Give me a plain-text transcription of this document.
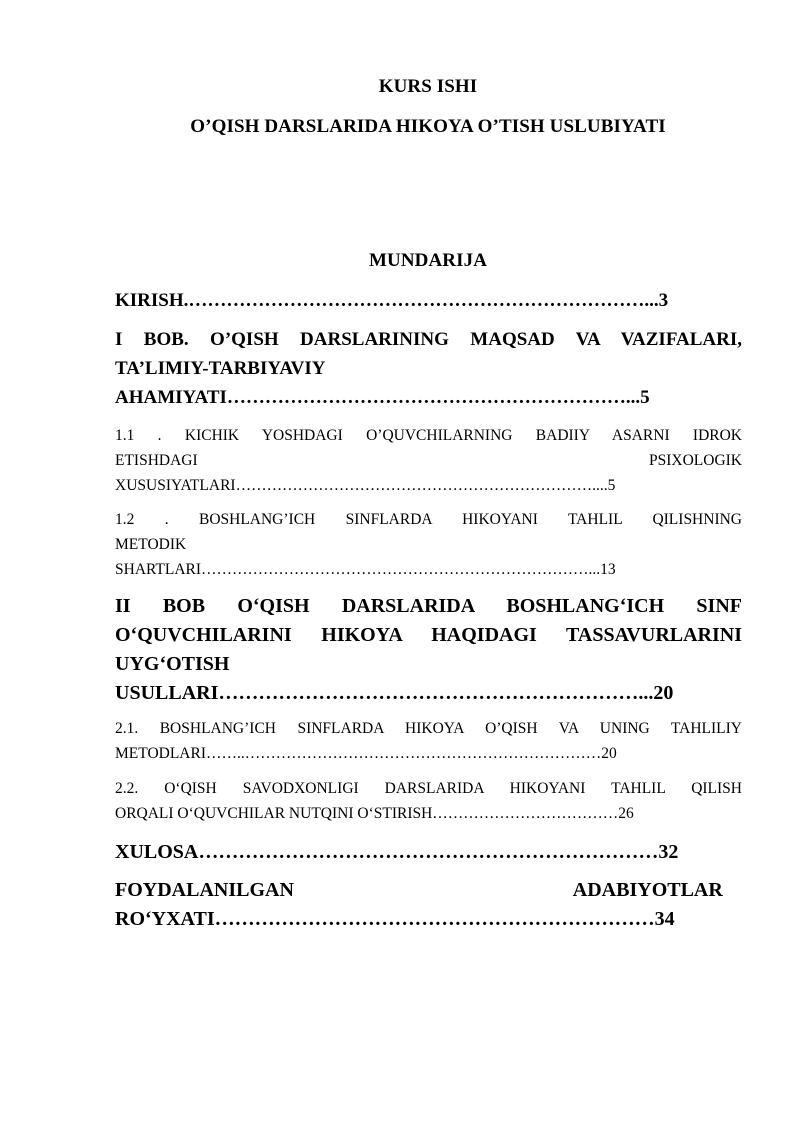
KURS ISHI
O’QISH DARSLARIDA HIKOYA O’TISH USLUBIYATI
MUNDARIJA
KIRISH.………………………………………………………………...3
I BOB. O’QISH DARSLARINING MAQSAD VA VAZIFALARI,
TA’LIMIY-TARBIYAVIY
AHAMIYATI………………………………………………………...5
1.1 . KICHIK YOSHDAGI O’QUVCHILARNING BADIIY ASARNI IDROK
ETISHDAGI PSIXOLOGIK
XUSUSIYATLARI……………………………………………………………....5
1.2 . BOSHLANG’ICH SINFLARDA HIKOYANI TAHLIL QILISHNING
METODIK
SHARTLARI…………………………………………………………………...13
II BOB O‘QISH DARSLARIDA BOSHLANG‘ICH SINF
O‘QUVCHILARINI HIKOYA HAQIDAGI TASSAVURLARINI
UYG‘OTISH
USULLARI………………………………………………………...20
2.1. BOSHLANG’ICH SINFLARDA HIKOYA O’QISH VA UNING TAHLILIY
METODLARI……..……………………………………………………………20
2.2. O‘QISH SAVODXONLIGI DARSLARIDA HIKOYANI TAHLIL QILISH
ORQALI O‘QUVCHILAR NUTQINI O‘STIRISH………………………………26
XULOSA……………………………………………………………32
FOYDALANILGAN ADABIYOTLAR
RO‘YXATI…………………………………………………………34
